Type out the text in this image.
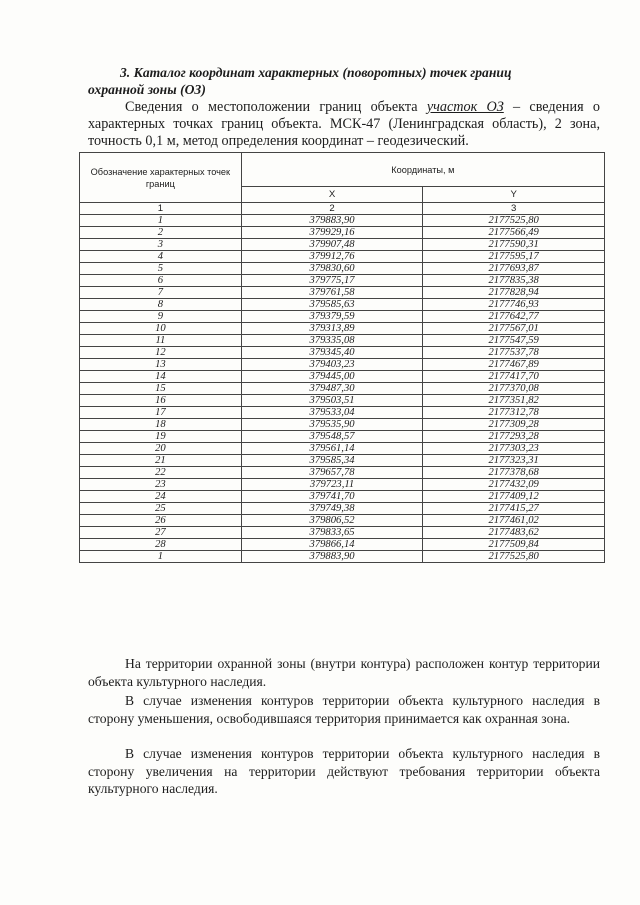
3. Каталог координат характерных (поворотных) точек границ
охранной зоны (ОЗ)
Сведения о местоположении границ объекта участок ОЗ – сведения о характерных точках границ объекта. МСК-47 (Ленинградская область), 2 зона, точность 0,1 м, метод определения координат – геодезический.
Обозначение характерных точек границ	Координаты, м	
	X	Y
1	2	3
1	379883,90	2177525,80
2	379929,16	2177566,49
3	379907,48	2177590,31
4	379912,76	2177595,17
5	379830,60	2177693,87
6	379775,17	2177835,38
7	379761,58	2177828,94
8	379585,63	2177746,93
9	379379,59	2177642,77
10	379313,89	2177567,01
11	379335,08	2177547,59
12	379345,40	2177537,78
13	379403,23	2177467,89
14	379445,00	2177417,70
15	379487,30	2177370,08
16	379503,51	2177351,82
17	379533,04	2177312,78
18	379535,90	2177309,28
19	379548,57	2177293,28
20	379561,14	2177303,23
21	379585,34	2177323,31
22	379657,78	2177378,68
23	379723,11	2177432,09
24	379741,70	2177409,12
25	379749,38	2177415,27
26	379806,52	2177461,02
27	379833,65	2177483,62
28	379866,14	2177509,84
1	379883,90	2177525,80
На территории охранной зоны (внутри контура) расположен контур территории объекта культурного наследия.
В случае изменения контуров территории объекта культурного наследия в сторону уменьшения, освободившаяся территория принимается как охранная зона.
В случае изменения контуров территории объекта культурного наследия в сторону увеличения на территории действуют требования территории объекта культурного наследия.
